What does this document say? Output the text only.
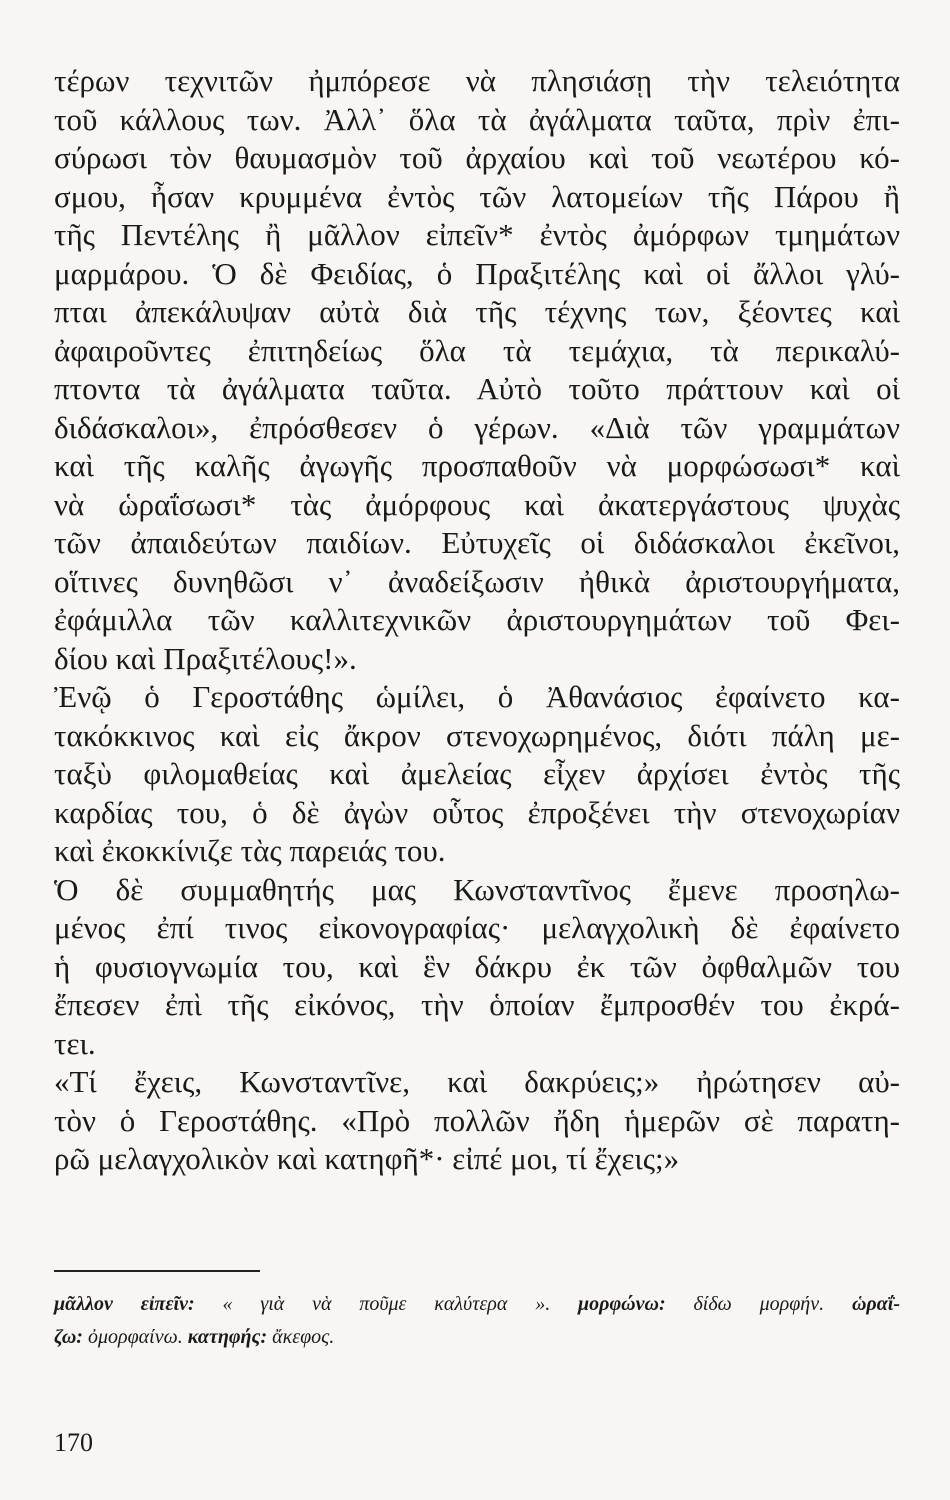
τέρων τεχνιτῶν ἠμπόρεσε νὰ πλησιάσῃ τὴν τελειότητα
τοῦ κάλλους των. Ἀλλ᾽ ὅλα τὰ ἀγάλματα ταῦτα, πρὶν ἐπι-
σύρωσι τὸν θαυμασμὸν τοῦ ἀρχαίου καὶ τοῦ νεωτέρου κό-
σμου, ἦσαν κρυμμένα ἐντὸς τῶν λατομείων τῆς Πάρου ἢ
τῆς Πεντέλης ἢ μᾶλλον εἰπεῖν* ἐντὸς ἀμόρφων τμημάτων
μαρμάρου. Ὁ δὲ Φειδίας, ὁ Πραξιτέλης καὶ οἱ ἄλλοι γλύ-
πται ἀπεκάλυψαν αὐτὰ διὰ τῆς τέχνης των, ξέοντες καὶ
ἀφαιροῦντες ἐπιτηδείως ὅλα τὰ τεμάχια, τὰ περικαλύ-
πτοντα τὰ ἀγάλματα ταῦτα. Αὐτὸ τοῦτο πράττουν καὶ οἱ
διδάσκαλοι», ἐπρόσθεσεν ὁ γέρων. «Διὰ τῶν γραμμάτων
καὶ τῆς καλῆς ἀγωγῆς προσπαθοῦν νὰ μορφώσωσι* καὶ
νὰ ὡραΐσωσι* τὰς ἀμόρφους καὶ ἀκατεργάστους ψυχὰς
τῶν ἀπαιδεύτων παιδίων. Εὐτυχεῖς οἱ διδάσκαλοι ἐκεῖνοι,
οἵτινες δυνηθῶσι ν᾽ ἀναδείξωσιν ἠθικὰ ἀριστουργήματα,
ἐφάμιλλα τῶν καλλιτεχνικῶν ἀριστουργημάτων τοῦ Φει-
δίου καὶ Πραξιτέλους!».
Ἐνῷ ὁ Γεροστάθης ὡμίλει, ὁ Ἀθανάσιος ἐφαίνετο κα-
τακόκκινος καὶ εἰς ἄκρον στενοχωρημένος, διότι πάλη με-
ταξὺ φιλομαθείας καὶ ἀμελείας εἶχεν ἀρχίσει ἐντὸς τῆς
καρδίας του, ὁ δὲ ἀγὼν οὗτος ἐπροξένει τὴν στενοχωρίαν
καὶ ἐκοκκίνιζε τὰς παρειάς του.
Ὁ δὲ συμμαθητής μας Κωνσταντῖνος ἔμενε προσηλω-
μένος ἐπί τινος εἰκονογραφίας· μελαγχολικὴ δὲ ἐφαίνετο
ἡ φυσιογνωμία του, καὶ ἓν δάκρυ ἐκ τῶν ὀφθαλμῶν του
ἔπεσεν ἐπὶ τῆς εἰκόνος, τὴν ὁποίαν ἔμπροσθέν του ἐκρά-
τει.
«Τί ἔχεις, Κωνσταντῖνε, καὶ δακρύεις;» ἠρώτησεν αὐ-
τὸν ὁ Γεροστάθης. «Πρὸ πολλῶν ἤδη ἡμερῶν σὲ παρατη-
ρῶ μελαγχολικὸν καὶ κατηφῆ*· εἰπέ μοι, τί ἔχεις;»
μᾶλλον εἰπεῖν: « γιὰ νὰ ποῦμε καλύτερα ». μορφώνω: δίδω μορφήν. ὡραΐ-
ζω: ὀμορφαίνω. κατηφής: ἄκεφος.
170
